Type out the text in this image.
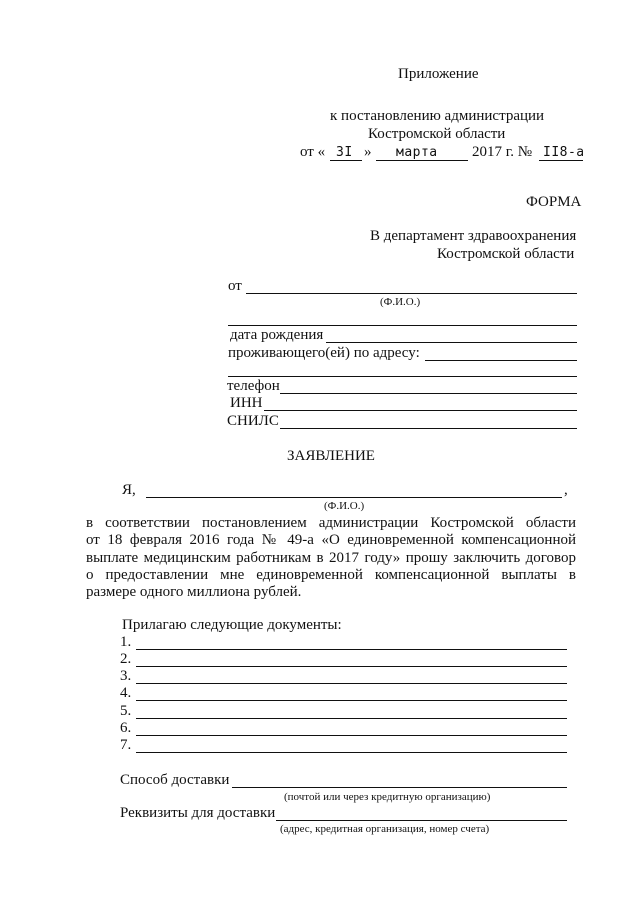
Приложение
к постановлению администрации
Костромской области
от « 3I » марта 2017 г. № II8-а
ФОРМА
В департамент здравоохранения
Костромской области
от
(Ф.И.О.)
дата рождения
проживающего(ей) по адресу:
телефон
ИНН
СНИЛС
ЗАЯВЛЕНИЕ
Я,	,
(Ф.И.О.)
в соответствии постановлением администрации Костромской области
от 18 февраля 2016 года № 49-а «О единовременной компенсационной
выплате медицинским работникам в 2017 году» прошу заключить договор
о предоставлении мне единовременной компенсационной выплаты в
размере одного миллиона рублей.
Прилагаю следующие документы:
1.
2.
3.
4.
5.
6.
7.
Способ доставки
(почтой или через кредитную организацию)
Реквизиты для доставки
(адрес, кредитная организация, номер счета)
